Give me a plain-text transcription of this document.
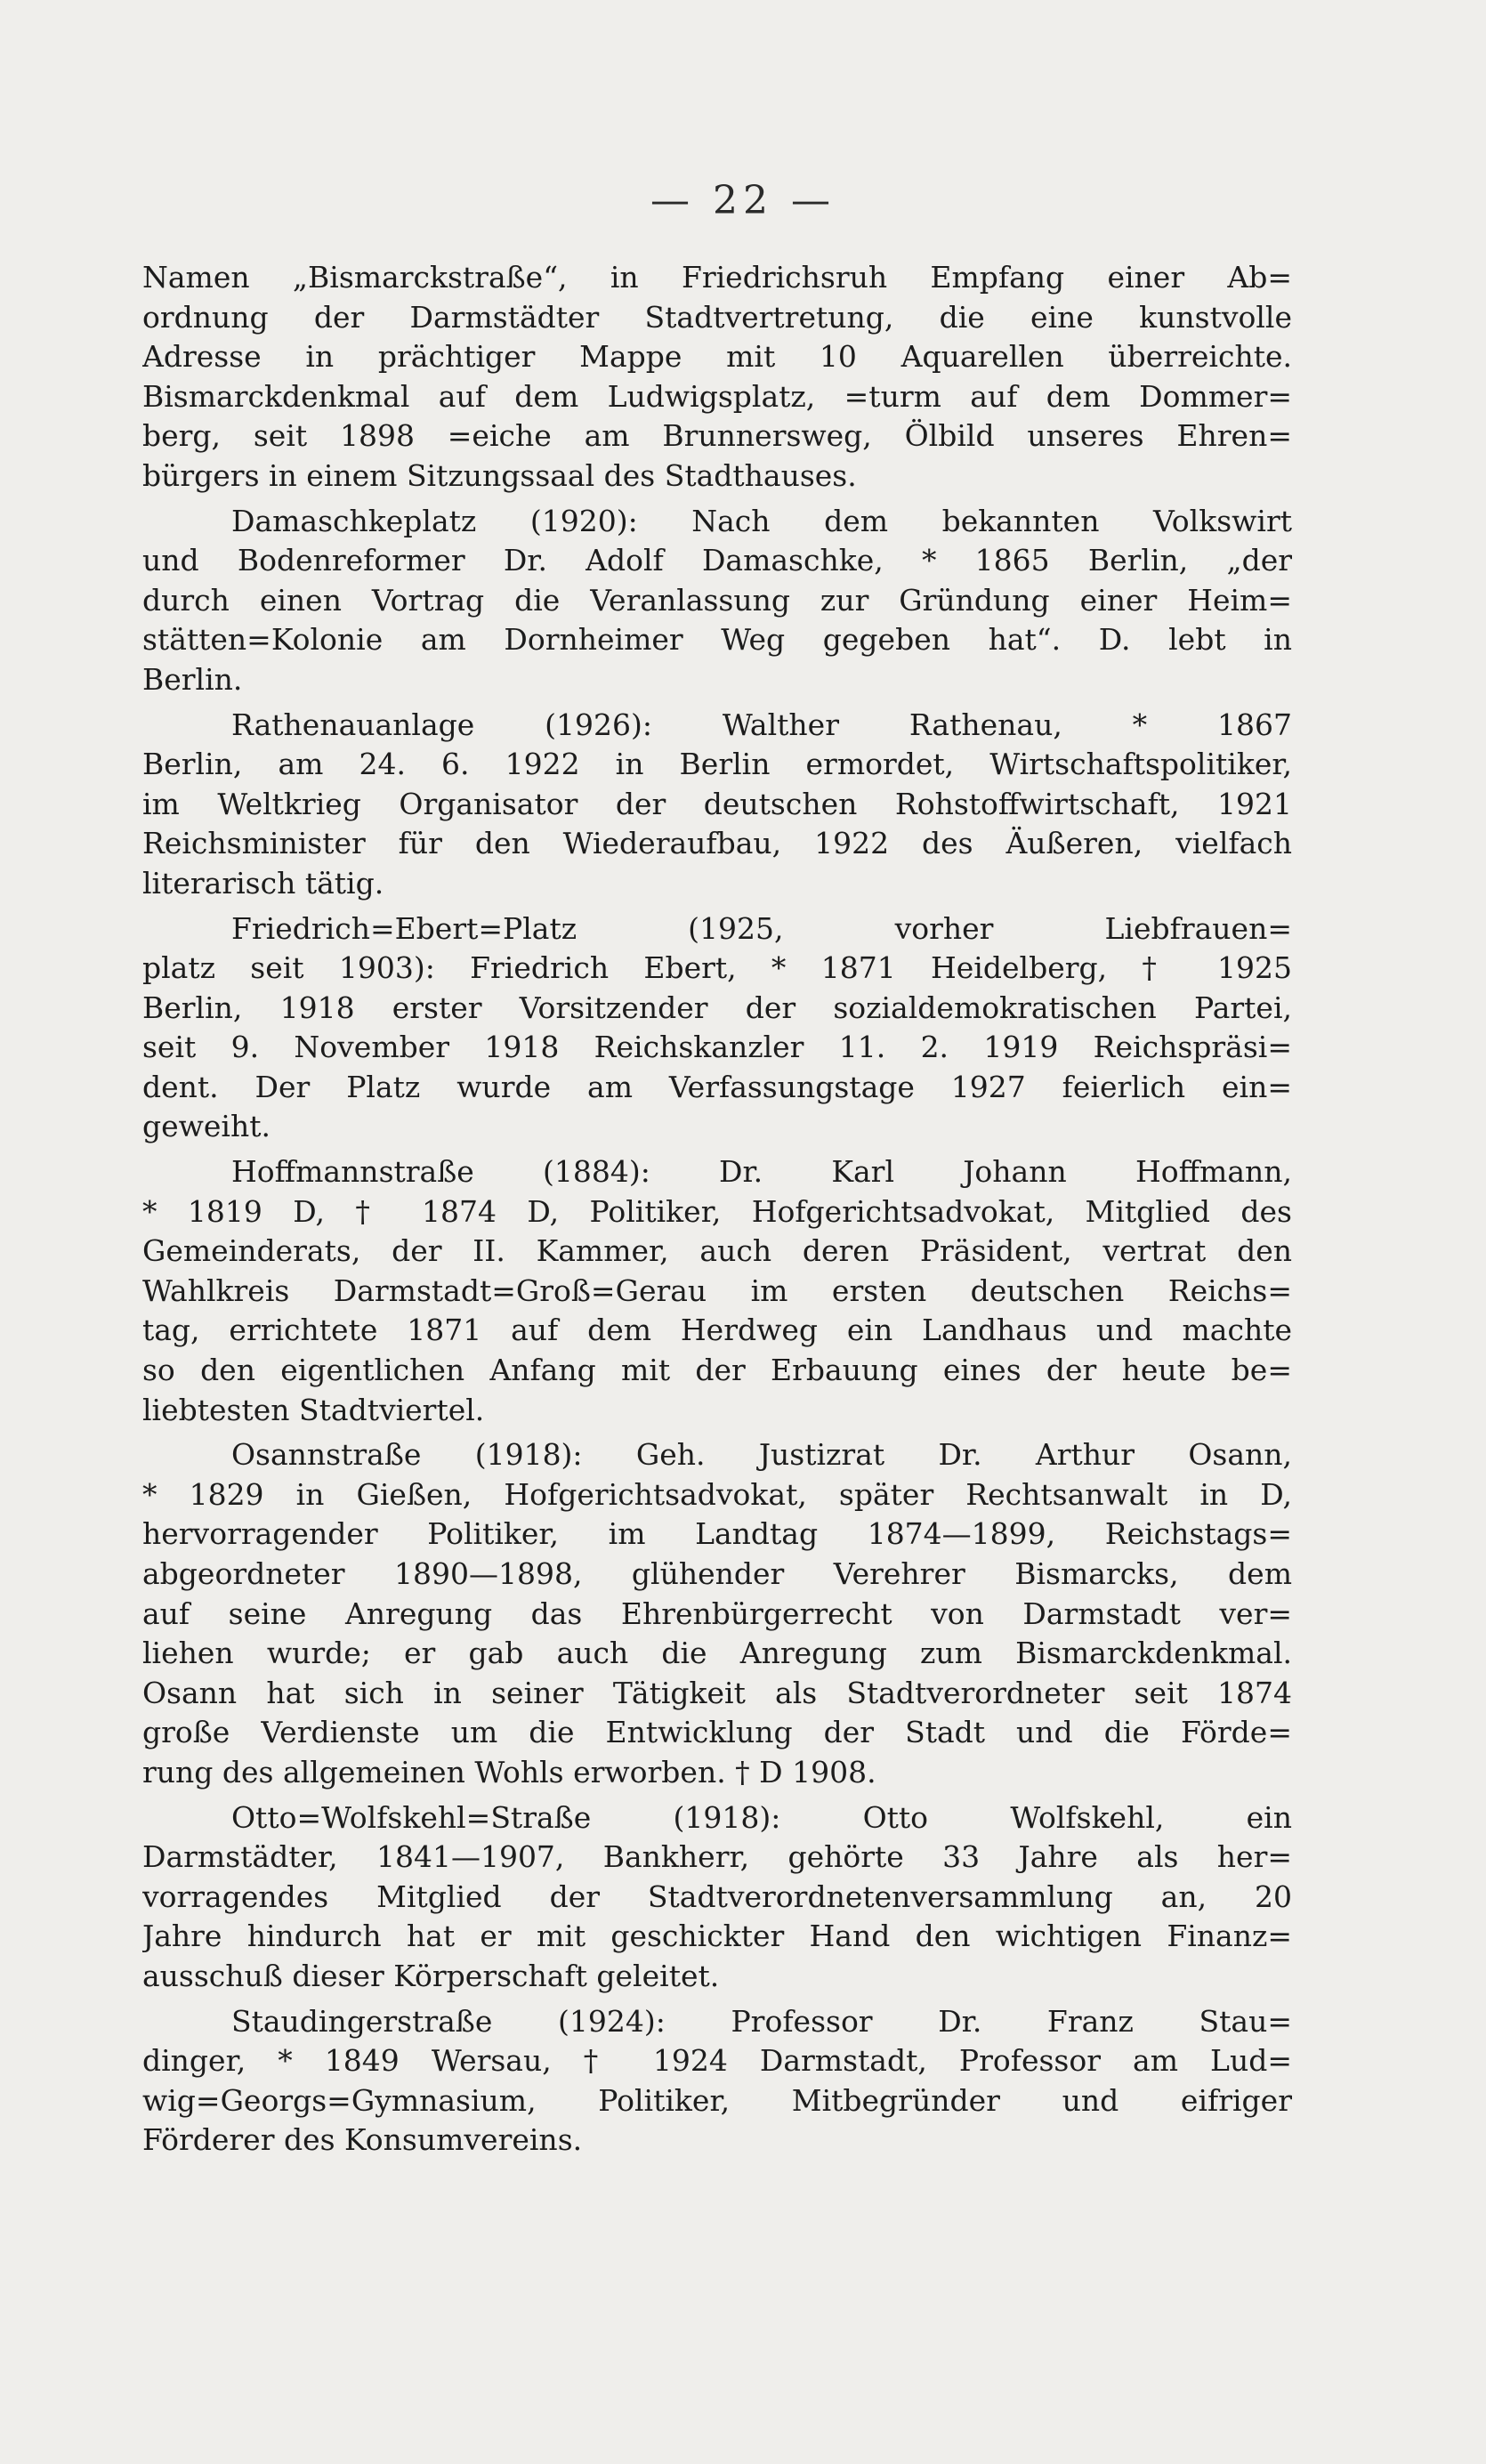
— 22 —
Namen „Bismarckstraße“, in Friedrichsruh Empfang einer Ab=
ordnung der Darmstädter Stadtvertretung, die eine kunstvolle
Adresse in prächtiger Mappe mit 10 Aquarellen überreichte.
Bismarckdenkmal auf dem Ludwigsplatz, =turm auf dem Dommer=
berg, seit 1898 =eiche am Brunnersweg, Ölbild unseres Ehren=
bürgers in einem Sitzungssaal des Stadthauses.
Damaschkeplatz (1920): Nach dem bekannten Volkswirt
und Bodenreformer Dr. Adolf Damaschke, * 1865 Berlin, „der
durch einen Vortrag die Veranlassung zur Gründung einer Heim=
stätten=Kolonie am Dornheimer Weg gegeben hat“. D. lebt in
Berlin.
Rathenauanlage (1926): Walther Rathenau, * 1867
Berlin, am 24. 6. 1922 in Berlin ermordet, Wirtschaftspolitiker,
im Weltkrieg Organisator der deutschen Rohstoffwirtschaft, 1921
Reichsminister für den Wiederaufbau, 1922 des Äußeren, vielfach
literarisch tätig.
Friedrich=Ebert=Platz (1925, vorher Liebfrauen=
platz seit 1903): Friedrich Ebert, * 1871 Heidelberg, † 1925
Berlin, 1918 erster Vorsitzender der sozialdemokratischen Partei,
seit 9. November 1918 Reichskanzler 11. 2. 1919 Reichspräsi=
dent. Der Platz wurde am Verfassungstage 1927 feierlich ein=
geweiht.
Hoffmannstraße (1884): Dr. Karl Johann Hoffmann,
* 1819 D, † 1874 D, Politiker, Hofgerichtsadvokat, Mitglied des
Gemeinderats, der II. Kammer, auch deren Präsident, vertrat den
Wahlkreis Darmstadt=Groß=Gerau im ersten deutschen Reichs=
tag, errichtete 1871 auf dem Herdweg ein Landhaus und machte
so den eigentlichen Anfang mit der Erbauung eines der heute be=
liebtesten Stadtviertel.
Osannstraße (1918): Geh. Justizrat Dr. Arthur Osann,
* 1829 in Gießen, Hofgerichtsadvokat, später Rechtsanwalt in D,
hervorragender Politiker, im Landtag 1874—1899, Reichstags=
abgeordneter 1890—1898, glühender Verehrer Bismarcks, dem
auf seine Anregung das Ehrenbürgerrecht von Darmstadt ver=
liehen wurde; er gab auch die Anregung zum Bismarckdenkmal.
Osann hat sich in seiner Tätigkeit als Stadtverordneter seit 1874
große Verdienste um die Entwicklung der Stadt und die Förde=
rung des allgemeinen Wohls erworben. † D 1908.
Otto=Wolfskehl=Straße (1918): Otto Wolfskehl, ein
Darmstädter, 1841—1907, Bankherr, gehörte 33 Jahre als her=
vorragendes Mitglied der Stadtverordnetenversammlung an, 20
Jahre hindurch hat er mit geschickter Hand den wichtigen Finanz=
ausschuß dieser Körperschaft geleitet.
Staudingerstraße (1924): Professor Dr. Franz Stau=
dinger, * 1849 Wersau, † 1924 Darmstadt, Professor am Lud=
wig=Georgs=Gymnasium, Politiker, Mitbegründer und eifriger
Förderer des Konsumvereins.
